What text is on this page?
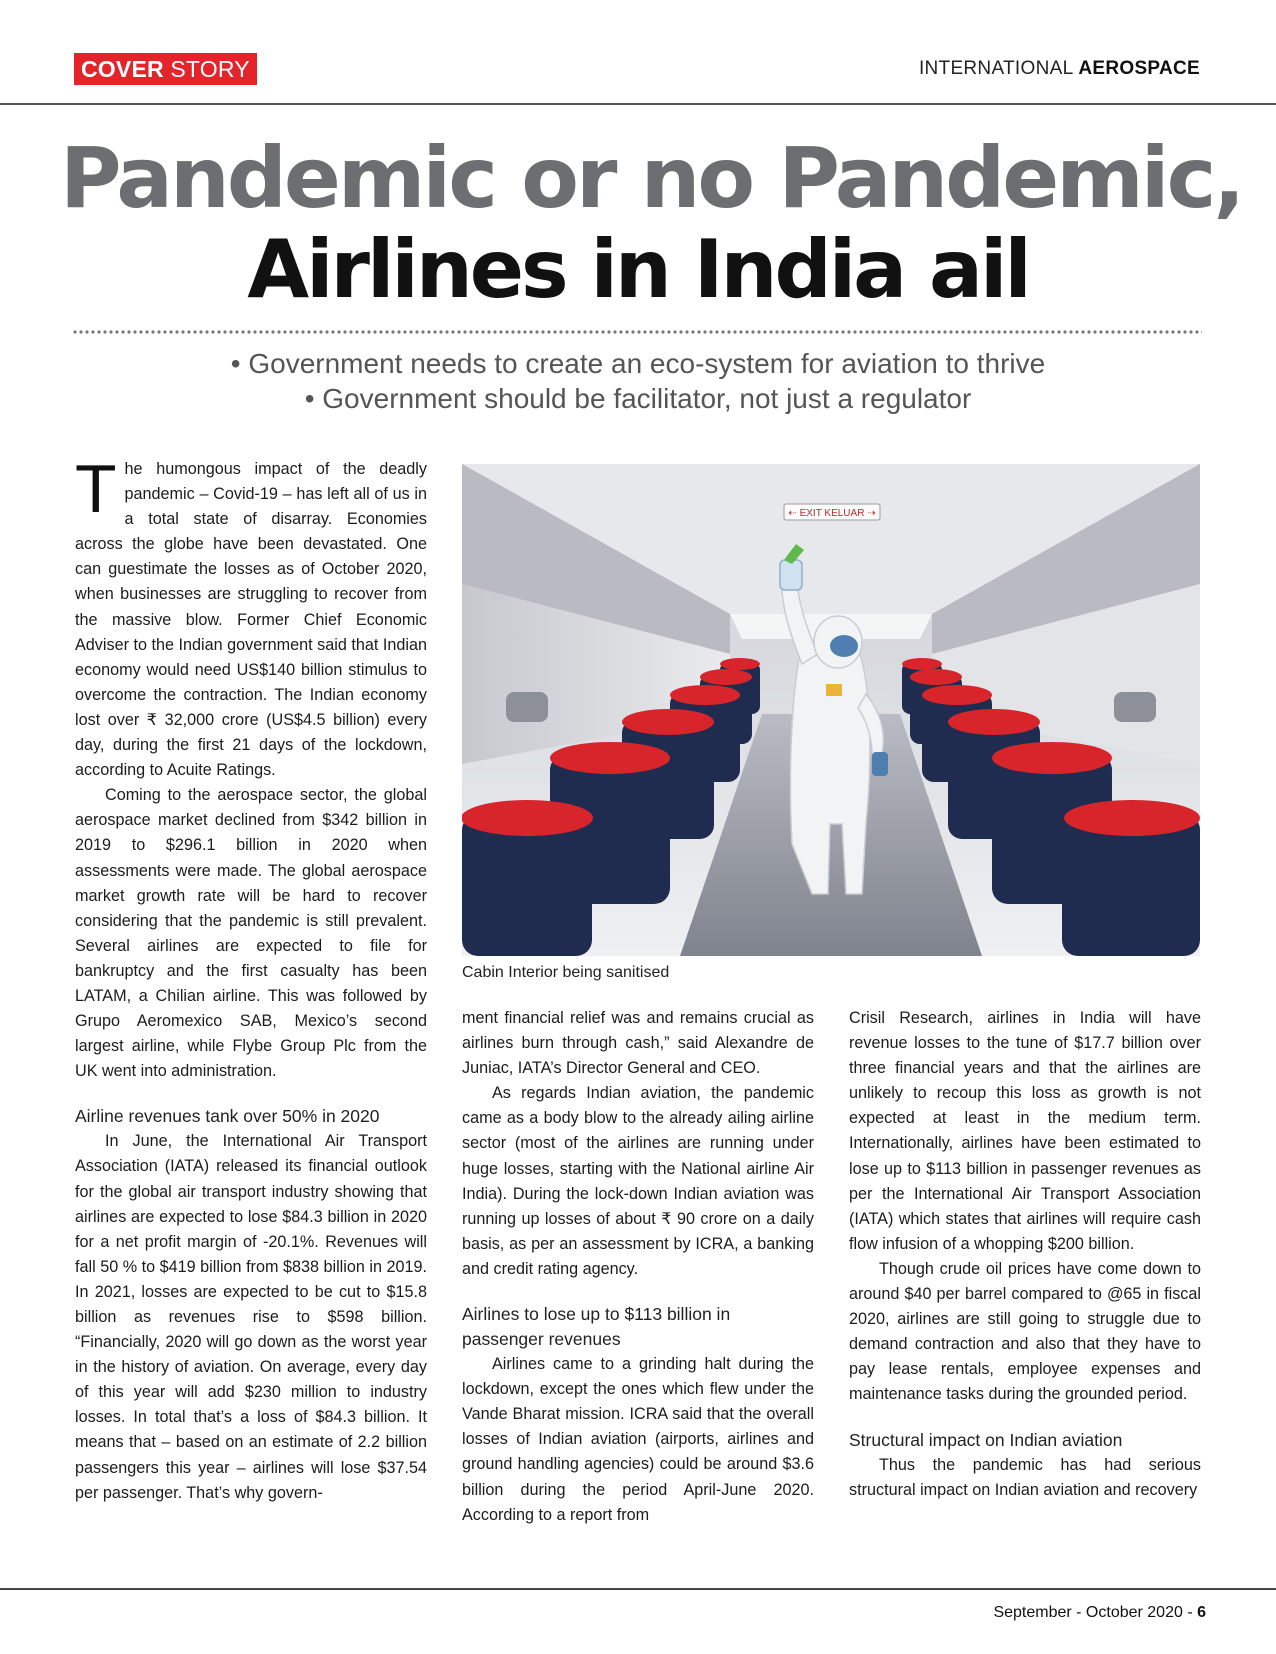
COVER STORY	INTERNATIONAL AEROSPACE
Pandemic or no Pandemic,
Airlines in India ail
• Government needs to create an eco-system for aviation to thrive
• Government should be facilitator, not just a regulator

The humongous impact of the deadly pandemic – Covid-19 – has left all of us in a total state of disarray. Economies across the globe have been devastated. One can guestimate the losses as of October 2020, when businesses are struggling to recover from the massive blow. Former Chief Economic Adviser to the Indian government said that Indian economy would need US$140 billion stimulus to overcome the contraction. The Indian economy lost over ₹ 32,000 crore (US$4.5 billion) every day, during the first 21 days of the lockdown, according to Acuite Ratings.

Coming to the aerospace sector, the global aerospace market declined from $342 billion in 2019 to $296.1 billion in 2020 when assessments were made. The global aerospace market growth rate will be hard to recover considering that the pandemic is still prevalent. Several airlines are expected to file for bankruptcy and the first casualty has been LATAM, a Chilian airline. This was followed by Grupo Aeromexico SAB, Mexico’s second largest airline, while Flybe Group Plc from the UK went into administration.

Airline revenues tank over 50% in 2020

In June, the International Air Transport Association (IATA) released its financial outlook for the global air transport industry showing that airlines are expected to lose $84.3 billion in 2020 for a net profit margin of -20.1%. Revenues will fall 50 % to $419 billion from $838 billion in 2019. In 2021, losses are expected to be cut to $15.8 billion as revenues rise to $598 billion. “Financially, 2020 will go down as the worst year in the history of aviation. On average, every day of this year will add $230 million to industry losses. In total that’s a loss of $84.3 billion. It means that – based on an estimate of 2.2 billion passengers this year – airlines will lose $37.54 per passenger. That’s why govern-

⇠ EXIT KELUAR ⇢
Cabin Interior being sanitised

ment financial relief was and remains crucial as airlines burn through cash,” said Alexandre de Juniac, IATA’s Director General and CEO.

As regards Indian aviation, the pandemic came as a body blow to the already ailing airline sector (most of the airlines are running under huge losses, starting with the National airline Air India). During the lock-down Indian aviation was running up losses of about ₹ 90 crore on a daily basis, as per an assessment by ICRA, a banking and credit rating agency.

Airlines to lose up to $113 billion in passenger revenues

Airlines came to a grinding halt during the lockdown, except the ones which flew under the Vande Bharat mission. ICRA said that the overall losses of Indian aviation (airports, airlines and ground handling agencies) could be around $3.6 billion during the period April-June 2020. According to a report from

Crisil Research, airlines in India will have revenue losses to the tune of $17.7 billion over three financial years and that the airlines are unlikely to recoup this loss as growth is not expected at least in the medium term. Internationally, airlines have been estimated to lose up to $113 billion in passenger revenues as per the International Air Transport Association (IATA) which states that airlines will require cash flow infusion of a whopping $200 billion.

Though crude oil prices have come down to around $40 per barrel compared to @65 in fiscal 2020, airlines are still going to struggle due to demand contraction and also that they have to pay lease rentals, employee expenses and maintenance tasks during the grounded period.

Structural impact on Indian aviation

Thus the pandemic has had serious structural impact on Indian aviation and recovery

September - October 2020 - 6
